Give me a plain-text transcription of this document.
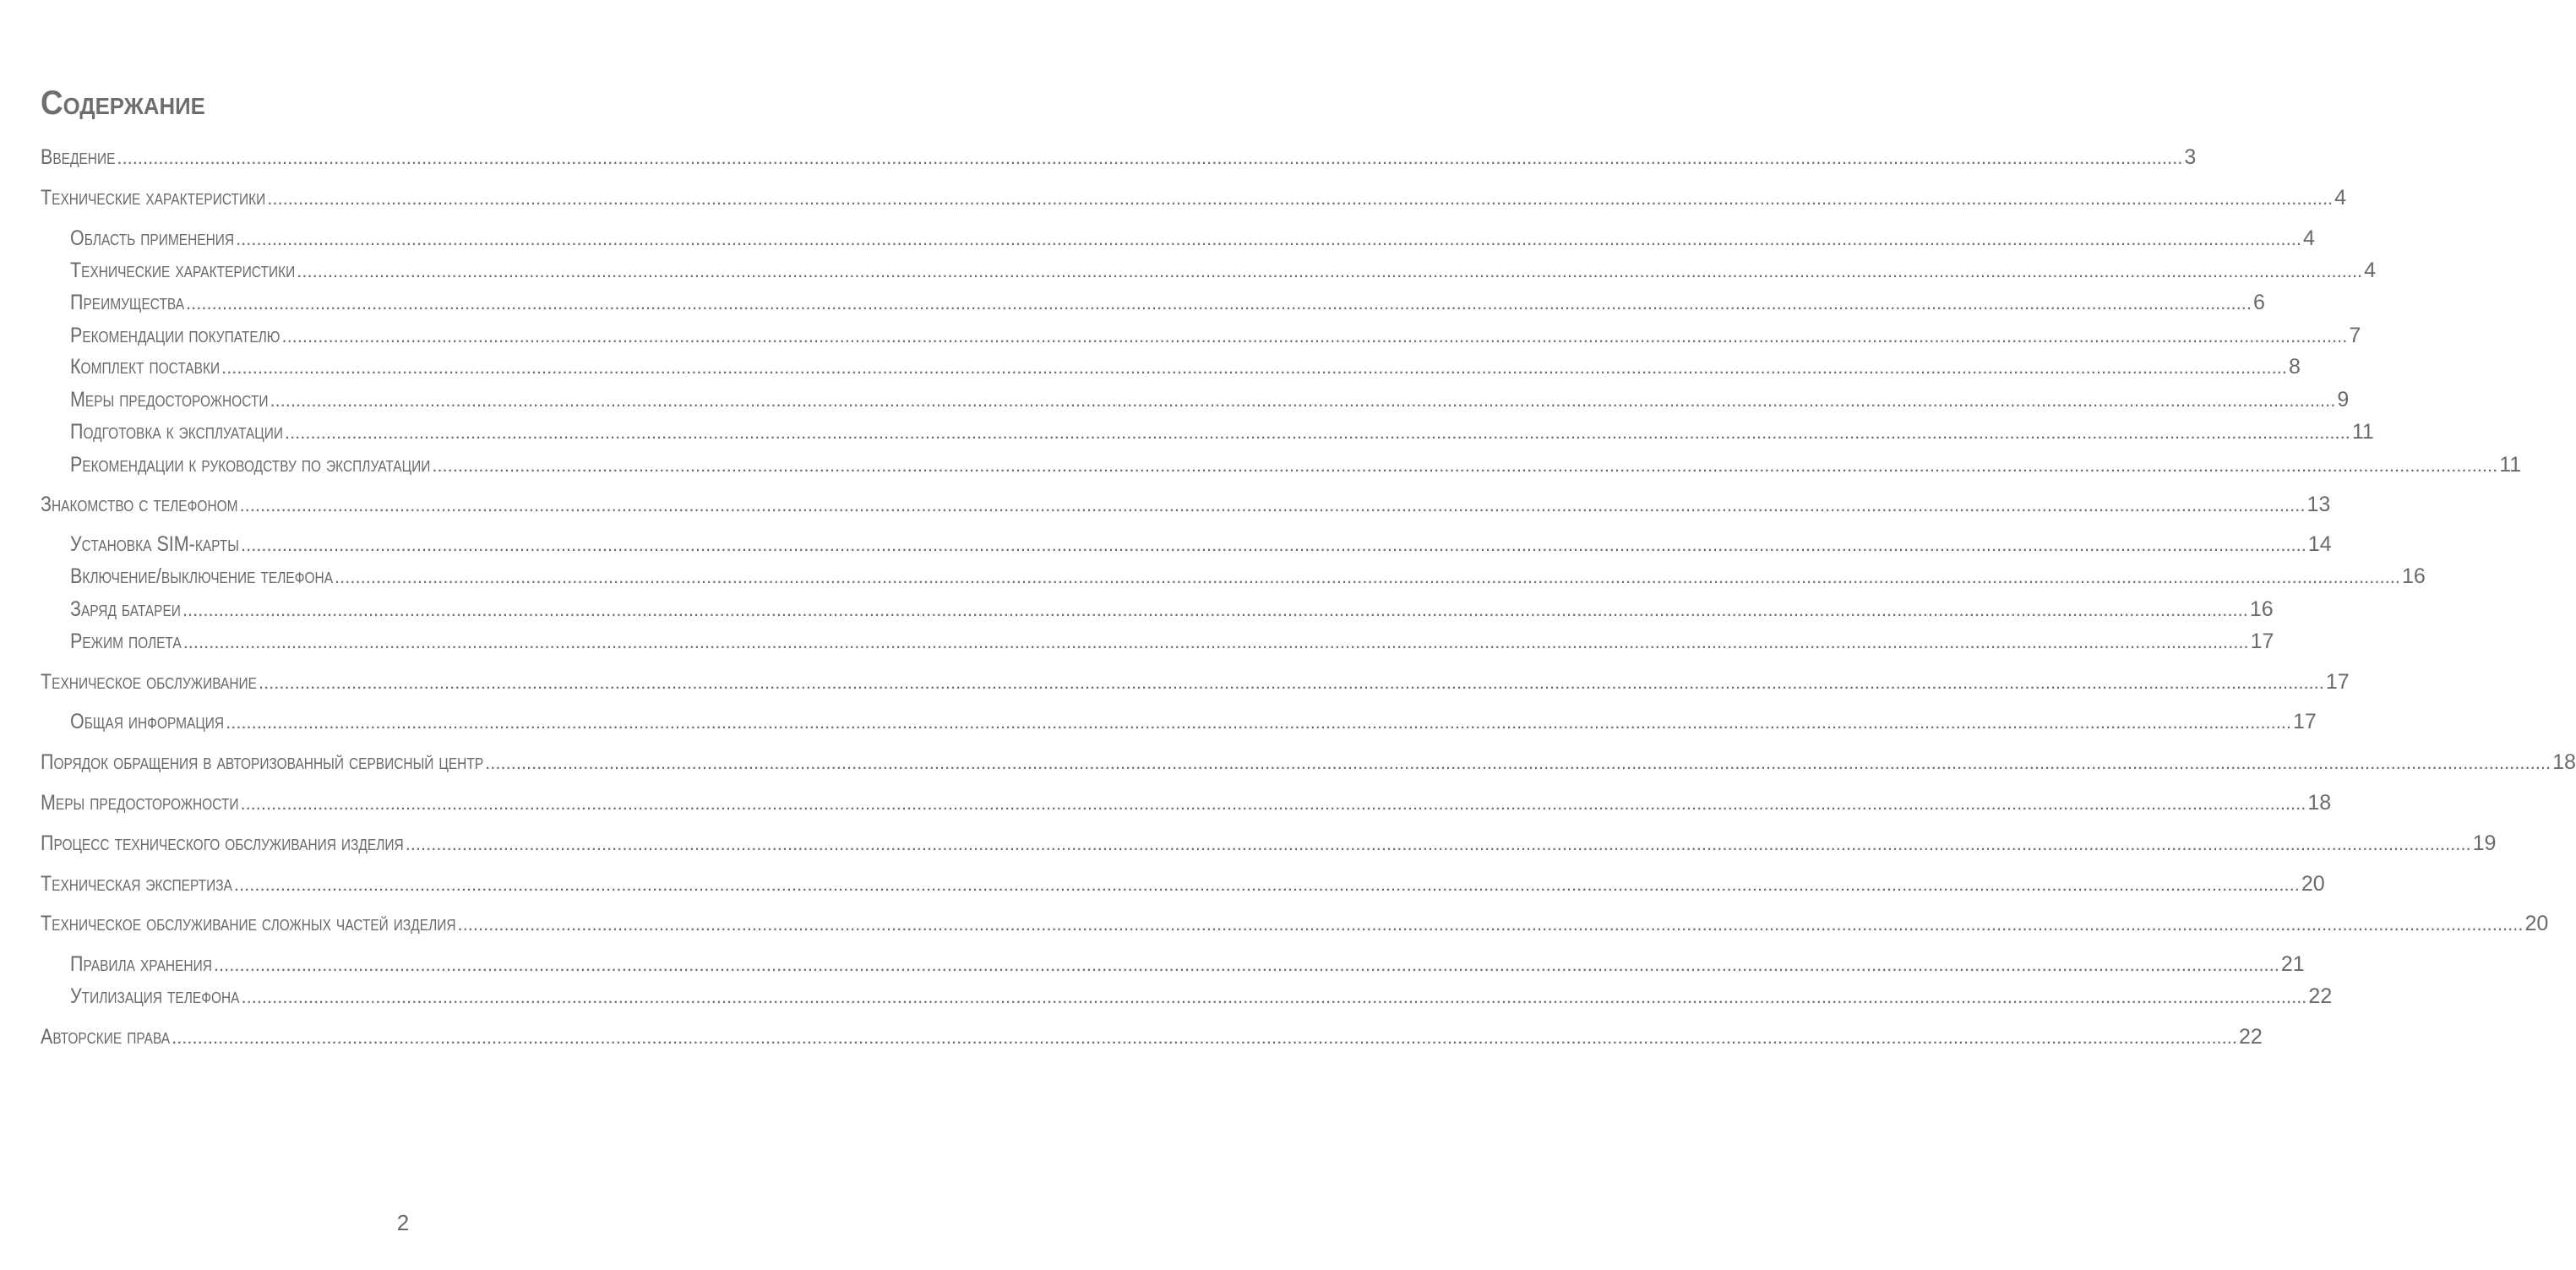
Содержание
Введение ................................................................................................................................................................................................................................................................................................................................................................................................................ 3
Технические характеристики ................................................................................................................................................................................................................................................................................................................................................................................................................ 4
Область применения ................................................................................................................................................................................................................................................................................................................................................................................................................ 4
Технические характеристики ................................................................................................................................................................................................................................................................................................................................................................................................................ 4
Преимущества ................................................................................................................................................................................................................................................................................................................................................................................................................ 6
Рекомендации покупателю ................................................................................................................................................................................................................................................................................................................................................................................................................ 7
Комплект поставки ................................................................................................................................................................................................................................................................................................................................................................................................................ 8
Меры предосторожности ................................................................................................................................................................................................................................................................................................................................................................................................................ 9
Подготовка к эксплуатации ................................................................................................................................................................................................................................................................................................................................................................................................................ 11
Рекомендации к руководству по эксплуатации ................................................................................................................................................................................................................................................................................................................................................................................................................ 11
Знакомство с телефоном ................................................................................................................................................................................................................................................................................................................................................................................................................ 13
Установка SIM-карты ................................................................................................................................................................................................................................................................................................................................................................................................................ 14
Включение/выключение телефона ................................................................................................................................................................................................................................................................................................................................................................................................................ 16
Заряд батареи ................................................................................................................................................................................................................................................................................................................................................................................................................ 16
Режим полета ................................................................................................................................................................................................................................................................................................................................................................................................................ 17
Техническое обслуживание ................................................................................................................................................................................................................................................................................................................................................................................................................ 17
Общая информация ................................................................................................................................................................................................................................................................................................................................................................................................................ 17
Порядок обращения в авторизованный сервисный центр ................................................................................................................................................................................................................................................................................................................................................................................................................ 18
Меры предосторожности ................................................................................................................................................................................................................................................................................................................................................................................................................ 18
Процесс технического обслуживания изделия ................................................................................................................................................................................................................................................................................................................................................................................................................ 19
Техническая экспертиза ................................................................................................................................................................................................................................................................................................................................................................................................................ 20
Техническое обслуживание сложных частей изделия ................................................................................................................................................................................................................................................................................................................................................................................................................ 20
Правила хранения ................................................................................................................................................................................................................................................................................................................................................................................................................ 21
Утилизация телефона ................................................................................................................................................................................................................................................................................................................................................................................................................ 22
Авторские права ................................................................................................................................................................................................................................................................................................................................................................................................................ 22
2
